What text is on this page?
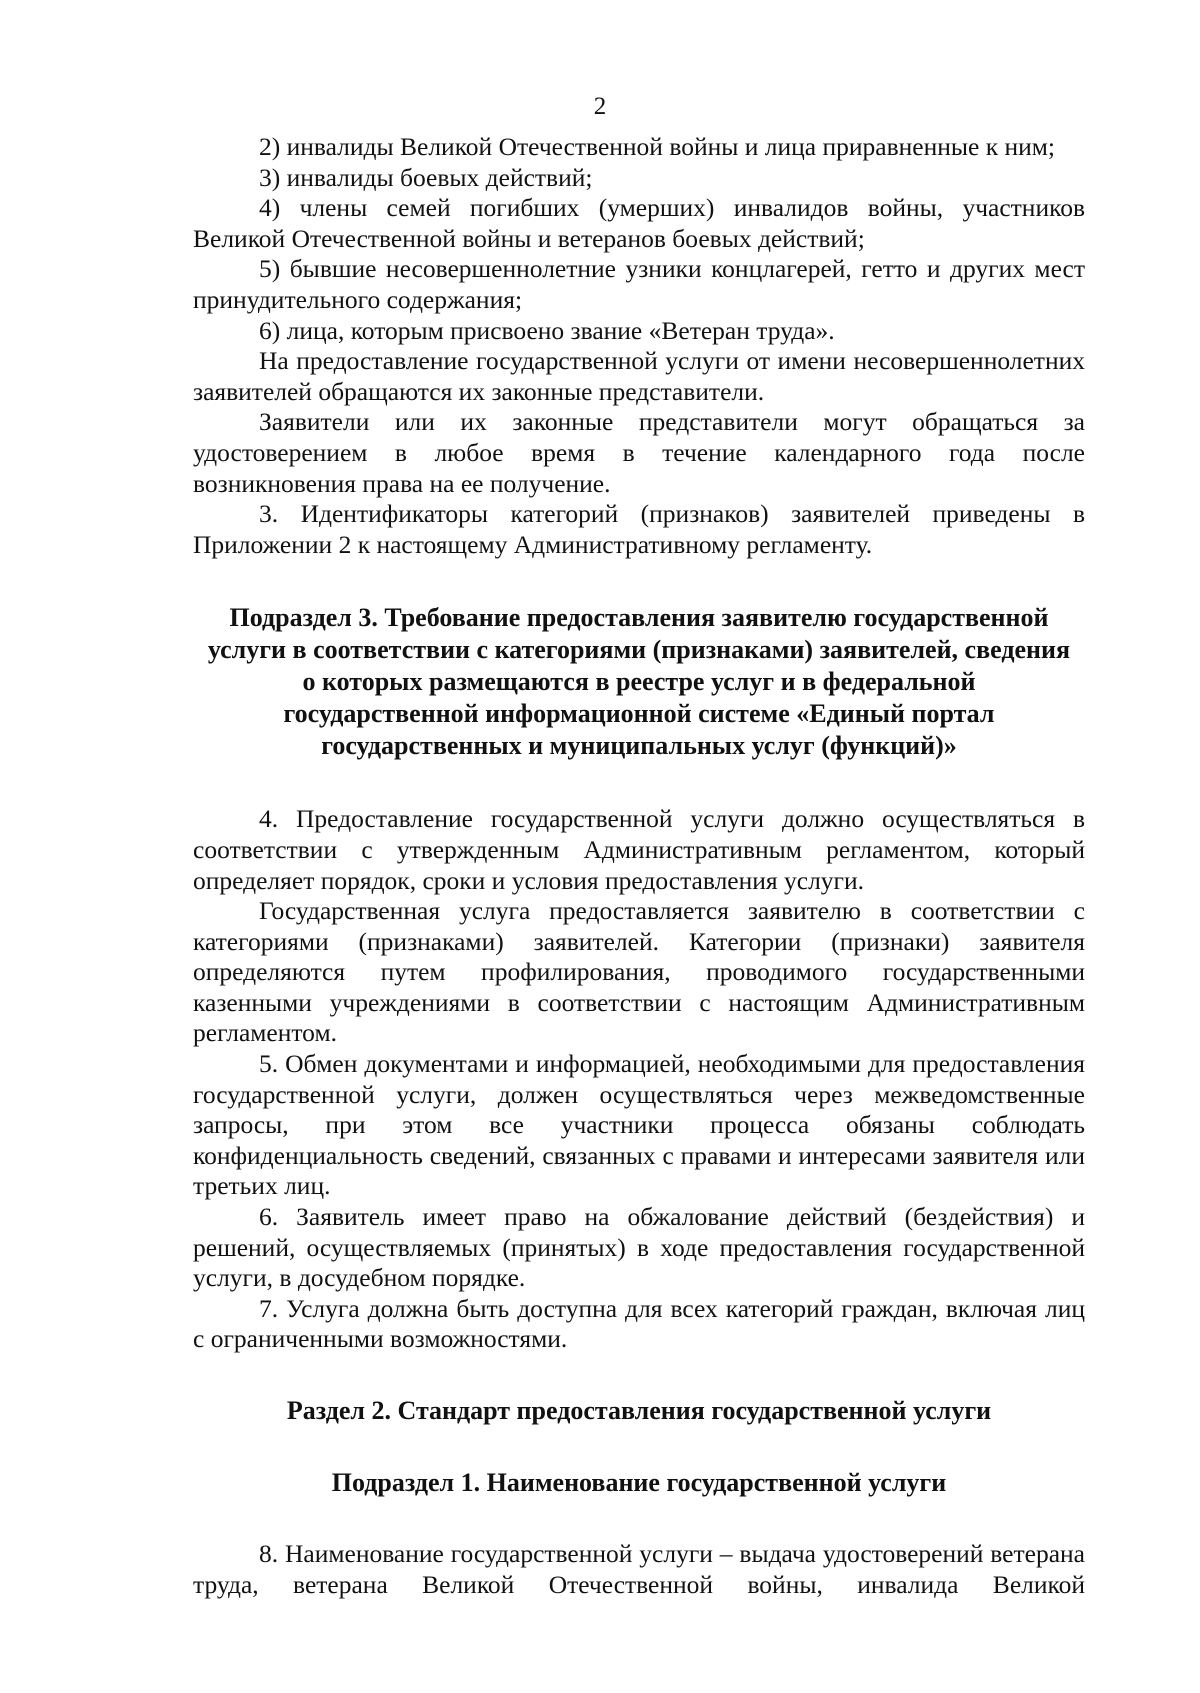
2

2) инвалиды Великой Отечественной войны и лица приравненные к ним;

3) инвалиды боевых действий;

4) члены семей погибших (умерших) инвалидов войны, участников Великой Отечественной войны и ветеранов боевых действий;

5) бывшие несовершеннолетние узники концлагерей, гетто и других мест принудительного содержания;

6) лица, которым присвоено звание «Ветеран труда».

На предоставление государственной услуги от имени несовершеннолетних заявителей обращаются их законные представители.

Заявители или их законные представители могут обращаться за удостоверением в любое время в течение календарного года после возникновения права на ее получение.

3. Идентификаторы категорий (признаков) заявителей приведены в Приложении 2 к настоящему Административному регламенту.

Подраздел 3. Требование предоставления заявителю государственной
услуги в соответствии с категориями (признаками) заявителей, сведения
о которых размещаются в реестре услуг и в федеральной
государственной информационной системе «Единый портал
государственных и муниципальных услуг (функций)»

4. Предоставление государственной услуги должно осуществляться в соответствии с утвержденным Административным регламентом, который определяет порядок, сроки и условия предоставления услуги.

Государственная услуга предоставляется заявителю в соответствии с категориями (признаками) заявителей. Категории (признаки) заявителя определяются путем профилирования, проводимого государственными казенными учреждениями в соответствии с настоящим Административным регламентом.

5. Обмен документами и информацией, необходимыми для предоставления государственной услуги, должен осуществляться через межведомственные запросы, при этом все участники процесса обязаны соблюдать конфиденциальность сведений, связанных с правами и интересами заявителя или третьих лиц.

6. Заявитель имеет право на обжалование действий (бездействия) и решений, осуществляемых (принятых) в ходе предоставления государственной услуги, в досудебном порядке.

7. Услуга должна быть доступна для всех категорий граждан, включая лиц с ограниченными возможностями.

Раздел 2. Стандарт предоставления государственной услуги
Подраздел 1. Наименование государственной услуги

8. Наименование государственной услуги – выдача удостоверений ветерана труда, ветерана Великой Отечественной войны, инвалида Великой
